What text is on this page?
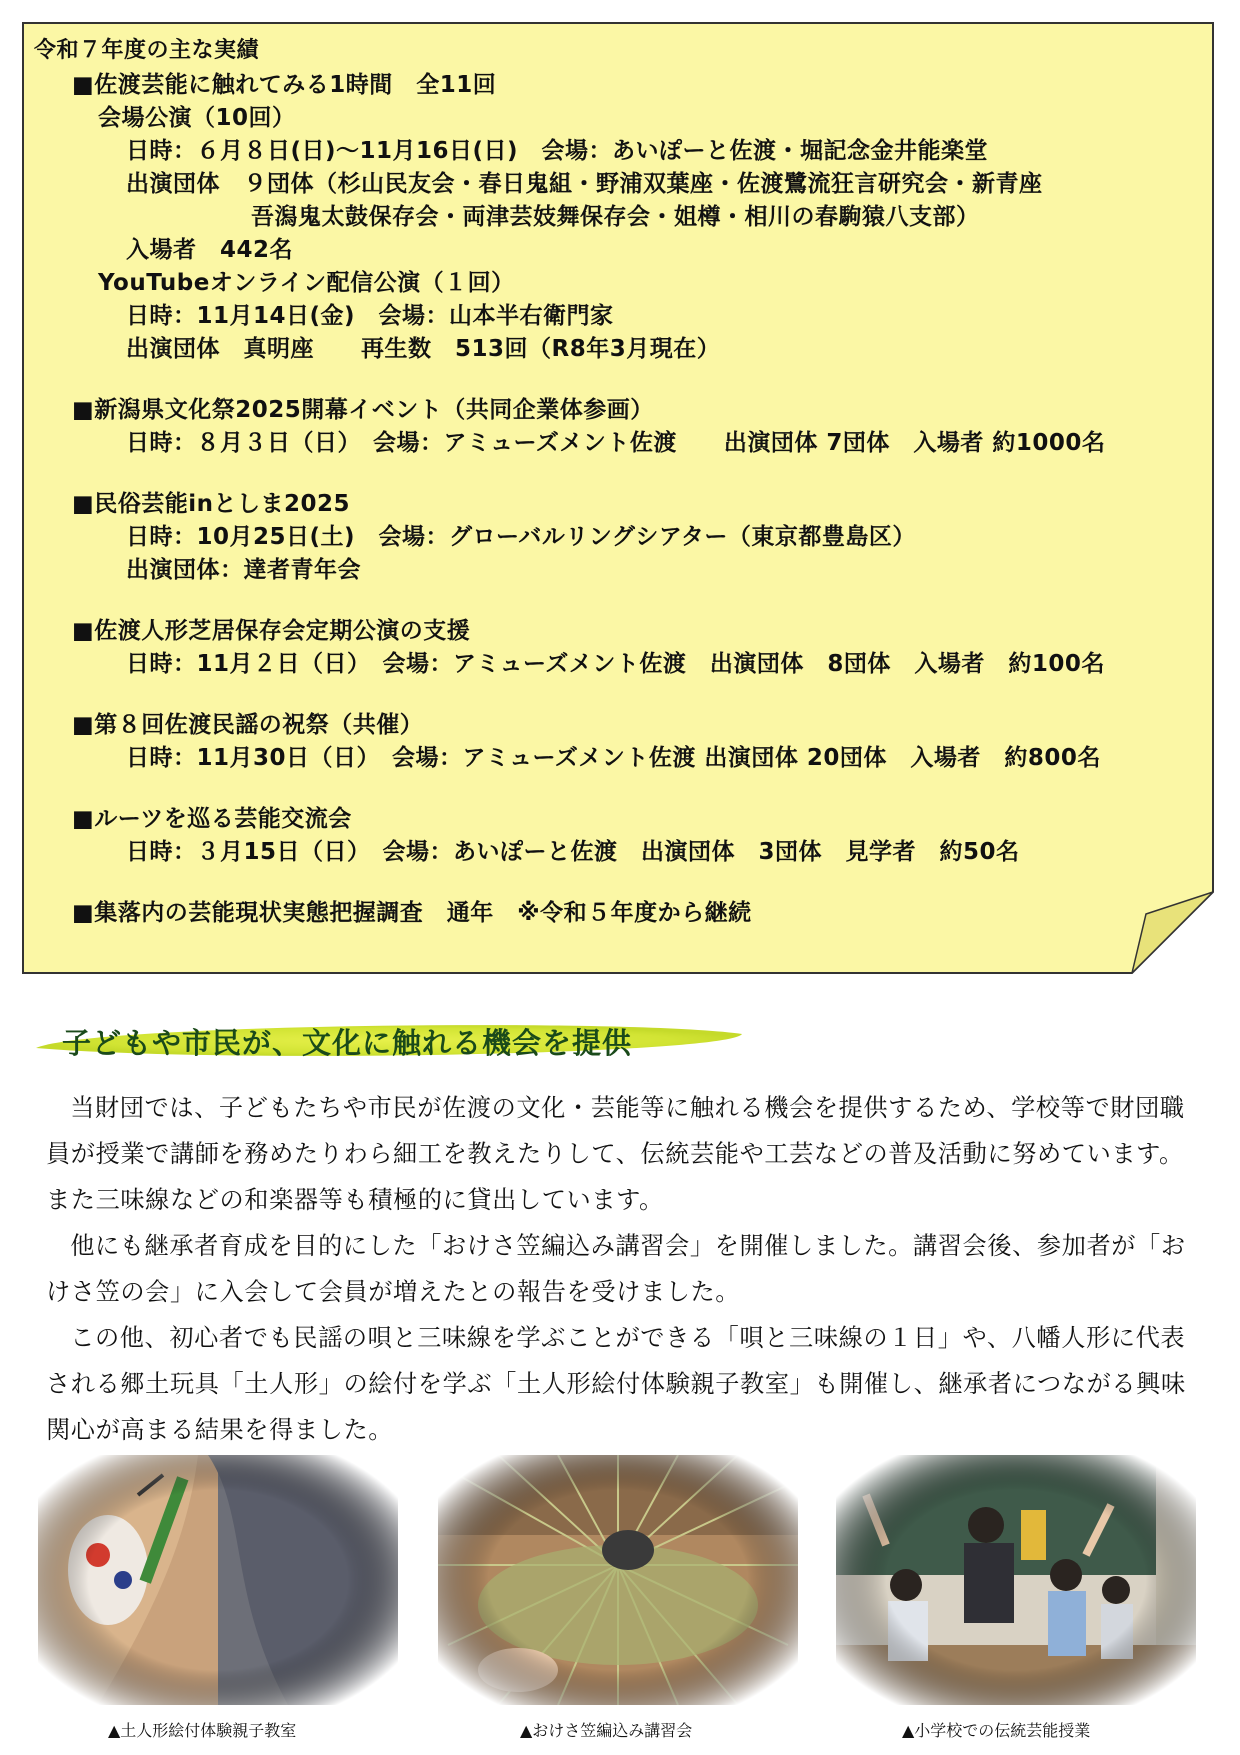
令和７年度の主な実績
■佐渡芸能に触れてみる1時間　全11回
会場公演（10回）
日時：６月８日(日)〜11月16日(日)　会場：あいぽーと佐渡・堀記念金井能楽堂
出演団体　９団体（杉山民友会・春日鬼組・野浦双葉座・佐渡鷺流狂言研究会・新青座
吾潟鬼太鼓保存会・両津芸妓舞保存会・姐樽・相川の春駒猿八支部）
入場者　442名
YouTubeオンライン配信公演（１回）
日時：11月14日(金)　会場：山本半右衛門家
出演団体　真明座　　再生数　513回（R8年3月現在）
■新潟県文化祭2025開幕イベント（共同企業体参画）
日時：８月３日（日）　会場：アミューズメント佐渡　　出演団体 7団体　入場者 約1000名
■民俗芸能inとしま2025
日時：10月25日(土)　会場：グローバルリングシアター（東京都豊島区）
出演団体：達者青年会
■佐渡人形芝居保存会定期公演の支援
日時：11月２日（日）　会場：アミューズメント佐渡　出演団体　8団体　入場者　約100名
■第８回佐渡民謡の祝祭（共催）
日時：11月30日（日）　会場：アミューズメント佐渡 出演団体 20団体　入場者　約800名
■ルーツを巡る芸能交流会
日時：３月15日（日）　会場：あいぽーと佐渡　出演団体　3団体　見学者　約50名
■集落内の芸能現状実態把握調査　通年　※令和５年度から継続
子どもや市民が、文化に触れる機会を提供

当財団では、子どもたちや市民が佐渡の文化・芸能等に触れる機会を提供するため、学校等で財団職員が授業で講師を務めたりわら細工を教えたりして、伝統芸能や工芸などの普及活動に努めています。また三味線などの和楽器等も積極的に貸出しています。

他にも継承者育成を目的にした「おけさ笠編込み講習会」を開催しました。講習会後、参加者が「おけさ笠の会」に入会して会員が増えたとの報告を受けました。

この他、初心者でも民謡の唄と三味線を学ぶことができる「唄と三味線の１日」や、八幡人形に代表される郷土玩具「土人形」の絵付を学ぶ「土人形絵付体験親子教室」も開催し、継承者につながる興味関心が高まる結果を得ました。

▲土人形絵付体験親子教室	▲おけさ笠編込み講習会	▲小学校での伝統芸能授業
